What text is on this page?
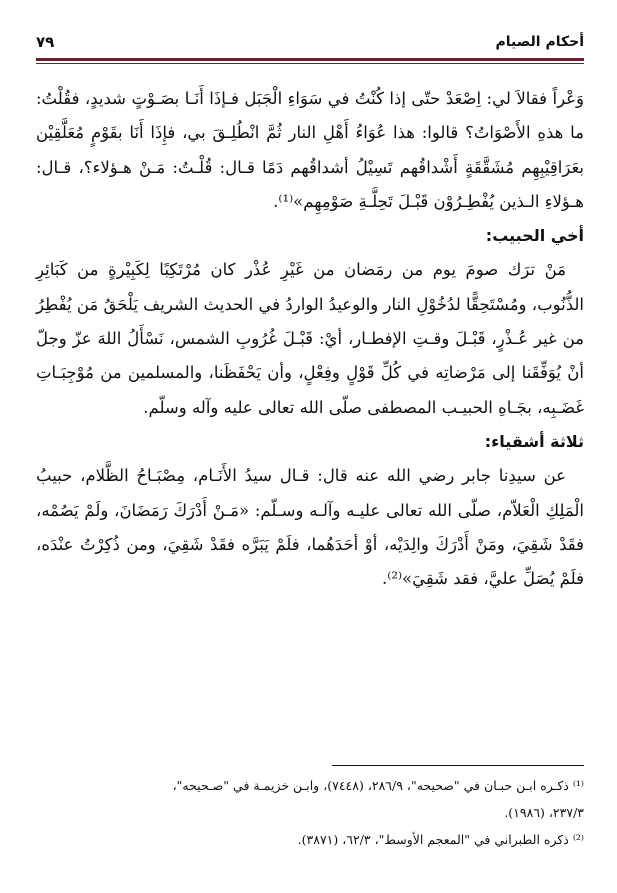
أحكام الصيام
٧٩

وَعْراً فقالاَ لي: اِصْعَدْ حتّى إذا كُنْتُ في سَوَاءِ الْجَبَل فـإذَا أَنَـا بصَـوْتٍ شديدٍ، فقُلْتُ: ما هذهِ الأَصْوَاتُ؟ قالوا: هذا عُوَاءُ أَهْلِ النار ثُمَّ انْطُلِـقَ بي، فإِذَا أَنَا بقَوْمٍ مُعَلَّقِيْن بعَرَاقِيْبِهِم مُشَقَّقَةٍ أَشْداقُهم تَسِيْلُ أشداقُهم دَمًا قـال: قُلْـتُ: مَـنْ هـؤلاء؟، قـال: هـؤلاءِ الـذين يُفْطِـرُوْن قَبْـلَ تَحِلَّـةِ صَوْمِهِم»⁽¹⁾.

أخي الحبيب:

مَنْ ترَك صومَ يوم من رمَضان من غَيْرِ عُذْر كان مُرْتَكِبًا لِكَبِيْرةٍ من كَبَائِرِ الذُّنُوب، ومُسْتَحِقًّا لدُخُوْلِ النار والوعيدُ الواردُ في الحديث الشريف يَلْحَقُ مَن يُفْطِرُ من غير عُـذْرٍ، قَبْـلَ وقـتِ الإفطـار، أيْ: قَبْـلَ غُرُوبِ الشمس، نَسْأَلُ اللهَ عزّ وجلّ أنْ يُوَفِّقَنا إلى مَرْضاتِه في كُلِّ قَوْلٍ وفِعْلٍ، وأن يَحْفَظَنا، والمسلمين من مُوْجِبَـاتِ غَضَـبِه، بجَـاهِ الحبيـب المصطفى صلّى الله تعالى عليه وآله وسلّم.

ثلاثة أشقياء:

عن سيدِنا جابر رضي الله عنه قال: قـال سيدُ الأَنَـام، مِصْبَـاحُ الظَّلام، حبيبُ الْمَلِكِ الْعَلاّم، صلّى الله تعالى عليـه وآلـه وسـلّم: «مَـنْ أَدْرَكَ رَمَضَانَ، ولَمْ يَصُمْه، فقَدْ شَقِيَ، ومَنْ أَدْرَكَ والِدَيْه، أوْ أحَدَهُما، فلَمْ يَبَرَّه فقَدْ شَقِيَ، ومن ذُكِرْتُ عنْدَه، فلَمْ يُصَلِّ عليَّ، فقد شَقِيَ»⁽²⁾.

⁽¹⁾ ذكـره ابـن حبـان في "صحيحه"، ٢٨٦/٩، (٧٤٤٨)، وابـن خزيمـة في "صـحيحه"،

٢٣٧/٣، (١٩٨٦).

⁽²⁾ ذكره الطبراني في "المعجم الأوسط"، ٦٢/٣، (٣٨٧١).
